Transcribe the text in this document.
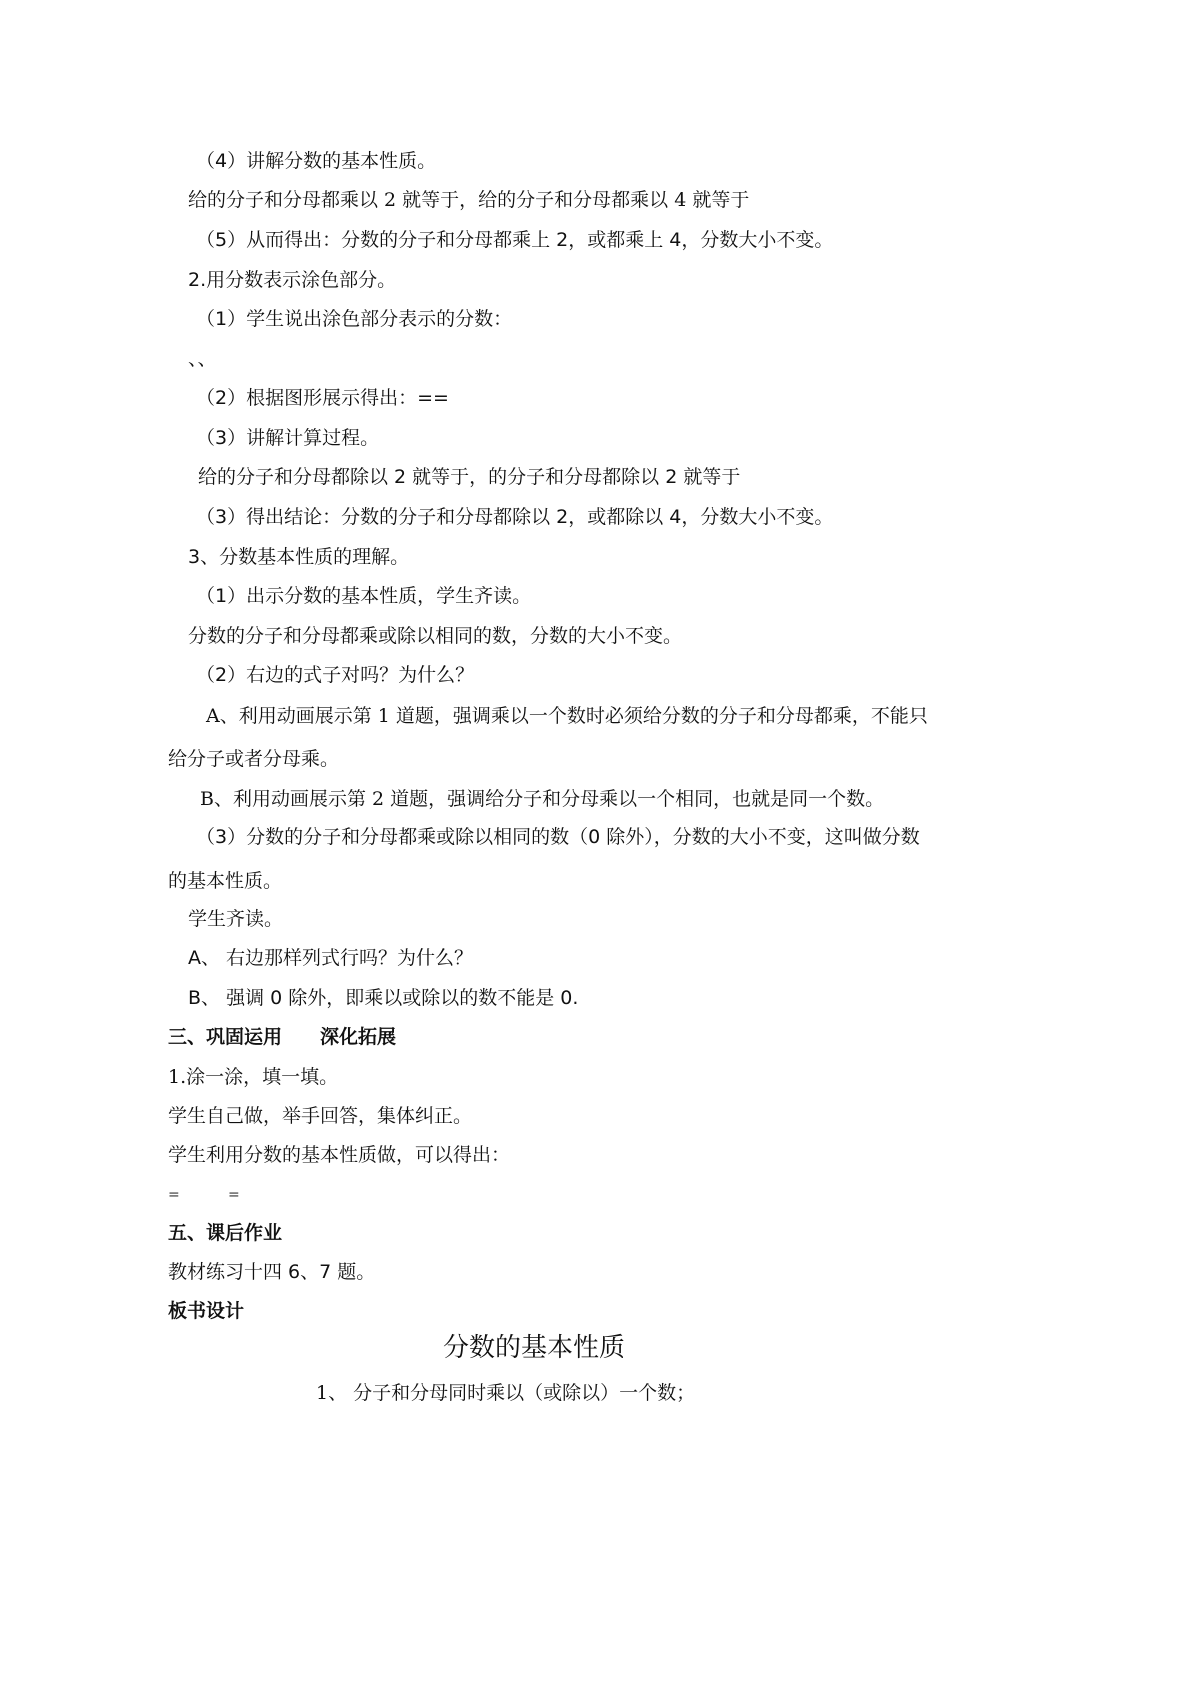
（4）讲解分数的基本性质。
给的分子和分母都乘以 2 就等于，给的分子和分母都乘以 4 就等于
（5）从而得出：分数的分子和分母都乘上 2，或都乘上 4，分数大小不变。
2.用分数表示涂色部分。
（1）学生说出涂色部分表示的分数：
、、
（2）根据图形展示得出：==
（3）讲解计算过程。
给的分子和分母都除以 2 就等于，的分子和分母都除以 2 就等于
（3）得出结论：分数的分子和分母都除以 2，或都除以 4，分数大小不变。
3、分数基本性质的理解。
（1）出示分数的基本性质，学生齐读。
分数的分子和分母都乘或除以相同的数，分数的大小不变。
（2）右边的式子对吗？为什么？
A、利用动画展示第 1 道题，强调乘以一个数时必须给分数的分子和分母都乘，不能只
给分子或者分母乘。
B、利用动画展示第 2 道题，强调给分子和分母乘以一个相同，也就是同一个数。
（3）分数的分子和分母都乘或除以相同的数（0 除外），分数的大小不变，这叫做分数
的基本性质。
学生齐读。
A、 右边那样列式行吗？为什么？
B、 强调 0 除外，即乘以或除以的数不能是 0.
三、巩固运用　　深化拓展
1.涂一涂，填一填。
学生自己做，举手回答，集体纠正。
学生利用分数的基本性质做，可以得出：
=	=
五、课后作业
教材练习十四 6、7 题。
板书设计
分数的基本性质
1、 分子和分母同时乘以（或除以）一个数；
